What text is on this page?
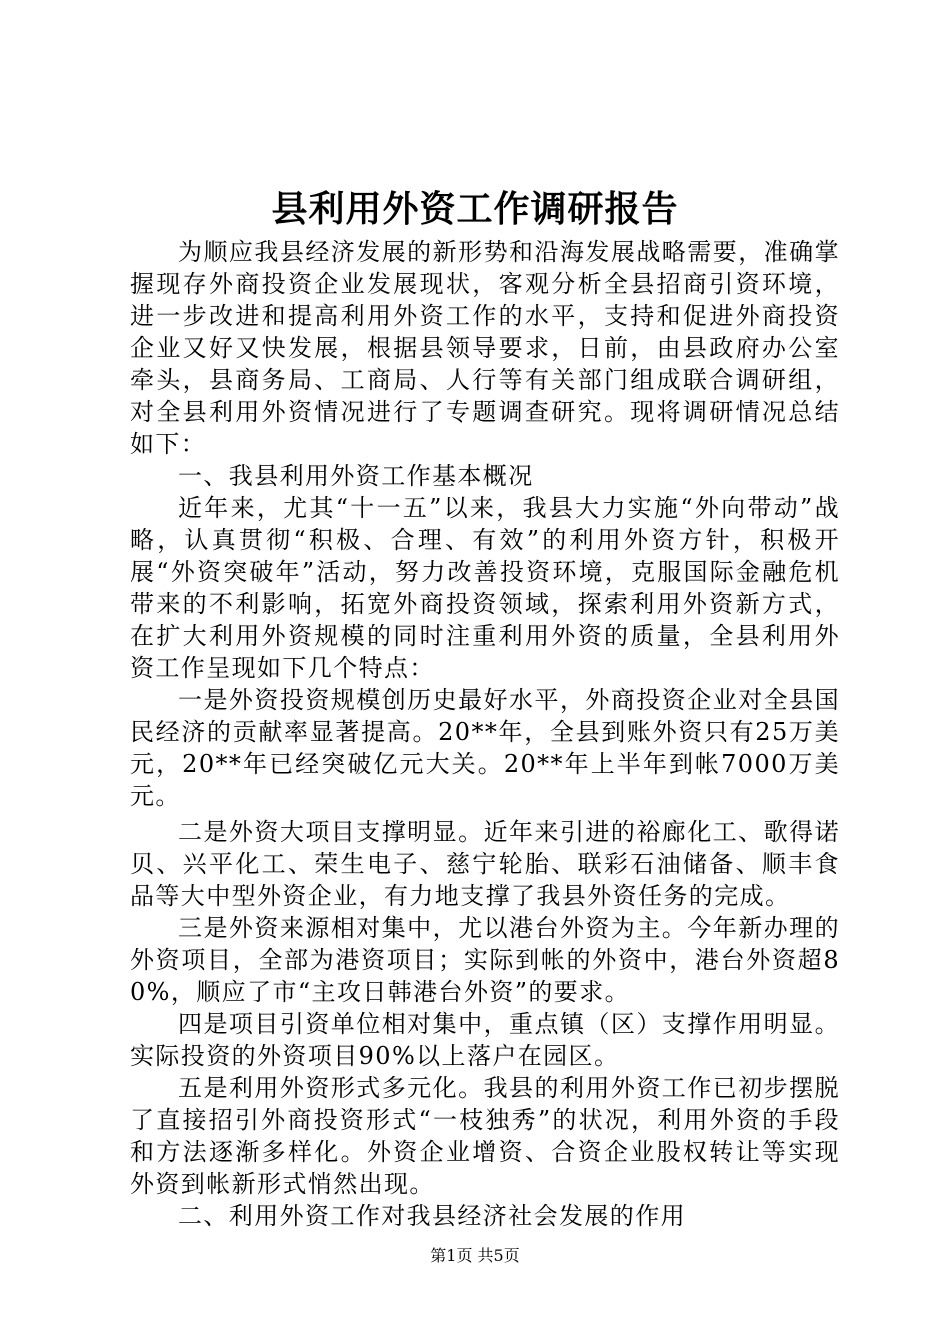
县利用外资工作调研报告

为顺应我县经济发展的新形势和沿海发展战略需要，准确掌握现存外商投资企业发展现状，客观分析全县招商引资环境，进一步改进和提高利用外资工作的水平，支持和促进外商投资企业又好又快发展，根据县领导要求，日前，由县政府办公室牵头，县商务局、工商局、人行等有关部门组成联合调研组，对全县利用外资情况进行了专题调查研究。现将调研情况总结如下：

一、我县利用外资工作基本概况

近年来，尤其“十一五”以来，我县大力实施“外向带动”战略，认真贯彻“积极、合理、有效”的利用外资方针，积极开展“外资突破年”活动，努力改善投资环境，克服国际金融危机带来的不利影响，拓宽外商投资领域，探索利用外资新方式，在扩大利用外资规模的同时注重利用外资的质量，全县利用外资工作呈现如下几个特点：

一是外资投资规模创历史最好水平，外商投资企业对全县国民经济的贡献率显著提高。20**年，全县到账外资只有25万美元，20**年已经突破亿元大关。20**年上半年到帐7000万美元。

二是外资大项目支撑明显。近年来引进的裕廊化工、歌得诺贝、兴平化工、荣生电子、慈宁轮胎、联彩石油储备、顺丰食品等大中型外资企业，有力地支撑了我县外资任务的完成。

三是外资来源相对集中，尤以港台外资为主。今年新办理的外资项目，全部为港资项目；实际到帐的外资中，港台外资超80%，顺应了市“主攻日韩港台外资”的要求。

四是项目引资单位相对集中，重点镇（区）支撑作用明显。实际投资的外资项目90%以上落户在园区。

五是利用外资形式多元化。我县的利用外资工作已初步摆脱了直接招引外商投资形式“一枝独秀”的状况，利用外资的手段和方法逐渐多样化。外资企业增资、合资企业股权转让等实现外资到帐新形式悄然出现。

二、利用外资工作对我县经济社会发展的作用

第1页 共5页
